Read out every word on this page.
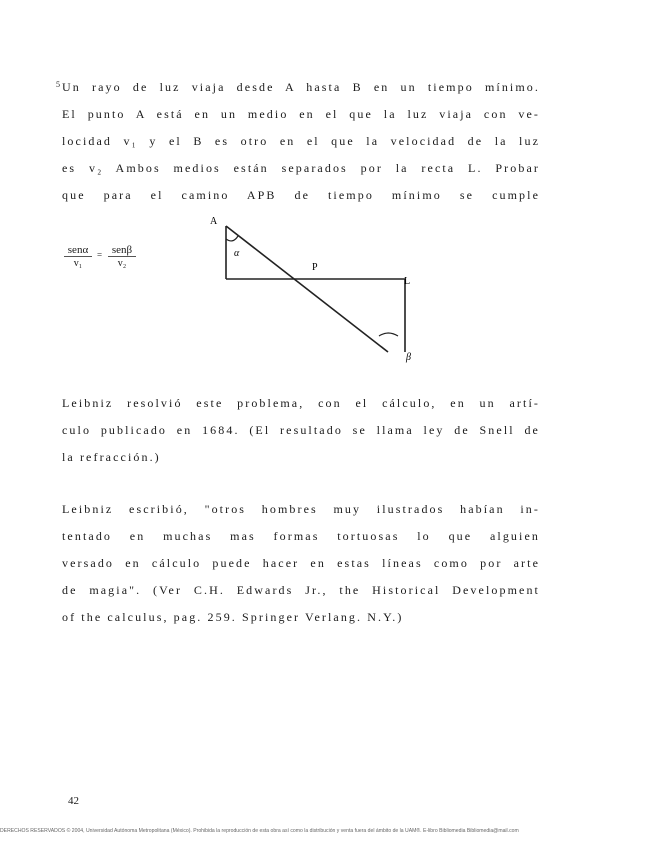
5 Un rayo de luz viaja desde A hasta B en un tiempo mínimo.
El punto A está en un medio en el que la luz viaja con ve-
locidad v₁ y el B es otro en el que la velocidad de la luz
es v₂ Ambos medios están separados por la recta L. Probar
que para el camino APB de tiempo mínimo se cumple
senα
v₁
= senβ
v₂
A
α
P
L
β
Leibniz resolvió este problema, con el cálculo, en un artí-
culo publicado en 1684. (El resultado se llama ley de Snell de
la refracción.)
Leibniz escribió, "otros hombres muy ilustrados habían in-
tentado en muchas mas formas tortuosas lo que alguien
versado en cálculo puede hacer en estas líneas como por arte
de magia". (Ver C.H. Edwards Jr., the Historical Development
of the calculus, pag. 259. Springer Verlang. N.Y.)
42
DERECHOS RESERVADOS © 2004, Universidad Autónoma Metropolitana (México). Prohibida la reproducción de esta obra así como la distribución y venta fuera del ámbito de la UAM®. E-libro Bibliomedia Bibliomedia@mail.com
